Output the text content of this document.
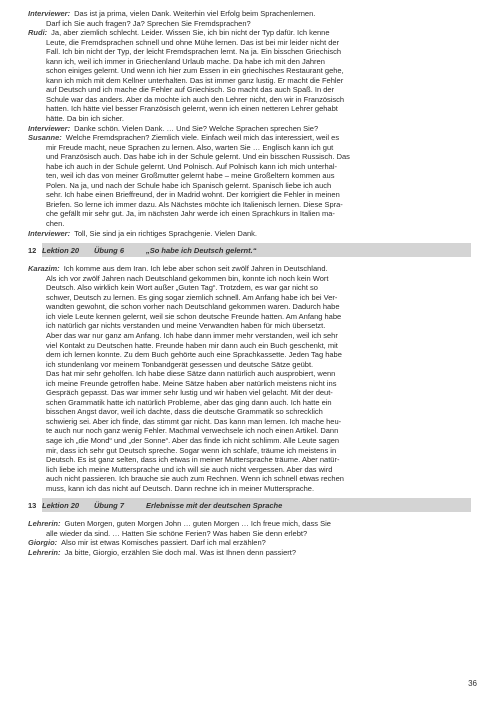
Interviewer: Das ist ja prima, vielen Dank. Weiterhin viel Erfolg beim Sprachenlernen.
Darf ich Sie auch fragen? Ja? Sprechen Sie Fremdsprachen?

Rudi: Ja, aber ziemlich schlecht. Leider. Wissen Sie, ich bin nicht der Typ dafür. Ich kenne
Leute, die Fremdsprachen schnell und ohne Mühe lernen. Das ist bei mir leider nicht der
Fall. Ich bin nicht der Typ, der leicht Fremdsprachen lernt. Na ja. Ein bisschen Griechisch
kann ich, weil ich immer in Griechenland Urlaub mache. Da habe ich mit den Jahren
schon einiges gelernt. Und wenn ich hier zum Essen in ein griechisches Restaurant gehe,
kann ich mich mit dem Kellner unterhalten. Das ist immer ganz lustig. Er macht die Fehler
auf Deutsch und ich mache die Fehler auf Griechisch. So macht das auch Spaß. In der
Schule war das anders. Aber da mochte ich auch den Lehrer nicht, den wir in Französisch
hatten. Ich hätte viel besser Französisch gelernt, wenn ich einen netteren Lehrer gehabt
hätte. Da bin ich sicher.

Interviewer: Danke schön. Vielen Dank. … Und Sie? Welche Sprachen sprechen Sie?

Susanne: Welche Fremdsprachen? Ziemlich viele. Einfach weil mich das interessiert, weil es
mir Freude macht, neue Sprachen zu lernen. Also, warten Sie … Englisch kann ich gut
und Französisch auch. Das habe ich in der Schule gelernt. Und ein bisschen Russisch. Das
habe ich auch in der Schule gelernt. Und Polnisch. Auf Polnisch kann ich mich unterhal-
ten, weil ich das von meiner Großmutter gelernt habe – meine Großeltern kommen aus
Polen. Na ja, und nach der Schule habe ich Spanisch gelernt. Spanisch liebe ich auch
sehr. Ich habe einen Brieffreund, der in Madrid wohnt. Der korrigiert die Fehler in meinen
Briefen. So lerne ich immer dazu. Als Nächstes möchte ich Italienisch lernen. Diese Spra-
che gefällt mir sehr gut. Ja, im nächsten Jahr werde ich einen Sprachkurs in Italien ma-
chen.

Interviewer: Toll, Sie sind ja ein richtiges Sprachgenie. Vielen Dank.

12 Lektion 20	Übung 6	„So habe ich Deutsch gelernt.“

Karazim: Ich komme aus dem Iran. Ich lebe aber schon seit zwölf Jahren in Deutschland.
Als ich vor zwölf Jahren nach Deutschland gekommen bin, konnte ich noch kein Wort
Deutsch. Also wirklich kein Wort außer „Guten Tag“. Trotzdem, es war gar nicht so
schwer, Deutsch zu lernen. Es ging sogar ziemlich schnell. Am Anfang habe ich bei Ver-
wandten gewohnt, die schon vorher nach Deutschland gekommen waren. Dadurch habe
ich viele Leute kennen gelernt, weil sie schon deutsche Freunde hatten. Am Anfang habe
ich natürlich gar nichts verstanden und meine Verwandten haben für mich übersetzt.
Aber das war nur ganz am Anfang. Ich habe dann immer mehr verstanden, weil ich sehr
viel Kontakt zu Deutschen hatte. Freunde haben mir dann auch ein Buch geschenkt, mit
dem ich lernen konnte. Zu dem Buch gehörte auch eine Sprachkassette. Jeden Tag habe
ich stundenlang vor meinem Tonbandgerät gesessen und deutsche Sätze geübt.
Das hat mir sehr geholfen. Ich habe diese Sätze dann natürlich auch ausprobiert, wenn
ich meine Freunde getroffen habe. Meine Sätze haben aber natürlich meistens nicht ins
Gespräch gepasst. Das war immer sehr lustig und wir haben viel gelacht. Mit der deut-
schen Grammatik hatte ich natürlich Probleme, aber das ging dann auch. Ich hatte ein
bisschen Angst davor, weil ich dachte, dass die deutsche Grammatik so schrecklich
schwierig sei. Aber ich finde, das stimmt gar nicht. Das kann man lernen. Ich mache heu-
te auch nur noch ganz wenig Fehler. Machmal verwechsele ich noch einen Artikel. Dann
sage ich „die Mond“ und „der Sonne“. Aber das finde ich nicht schlimm. Alle Leute sagen
mir, dass ich sehr gut Deutsch spreche. Sogar wenn ich schlafe, träume ich meistens in
Deutsch. Es ist ganz selten, dass ich etwas in meiner Muttersprache träume. Aber natür-
lich liebe ich meine Muttersprache und ich will sie auch nicht vergessen. Aber das wird
auch nicht passieren. Ich brauche sie auch zum Rechnen. Wenn ich schnell etwas rechen
muss, kann ich das nicht auf Deutsch. Dann rechne ich in meiner Muttersprache.

13 Lektion 20	Übung 7	Erlebnisse mit der deutschen Sprache

Lehrerin: Guten Morgen, guten Morgen John … guten Morgen … Ich freue mich, dass Sie
alle wieder da sind. … Hatten Sie schöne Ferien? Was haben Sie denn erlebt?

Giorgio: Also mir ist etwas Komisches passiert. Darf ich mal erzählen?

Lehrerin: Ja bitte, Giorgio, erzählen Sie doch mal. Was ist Ihnen denn passiert?

36
